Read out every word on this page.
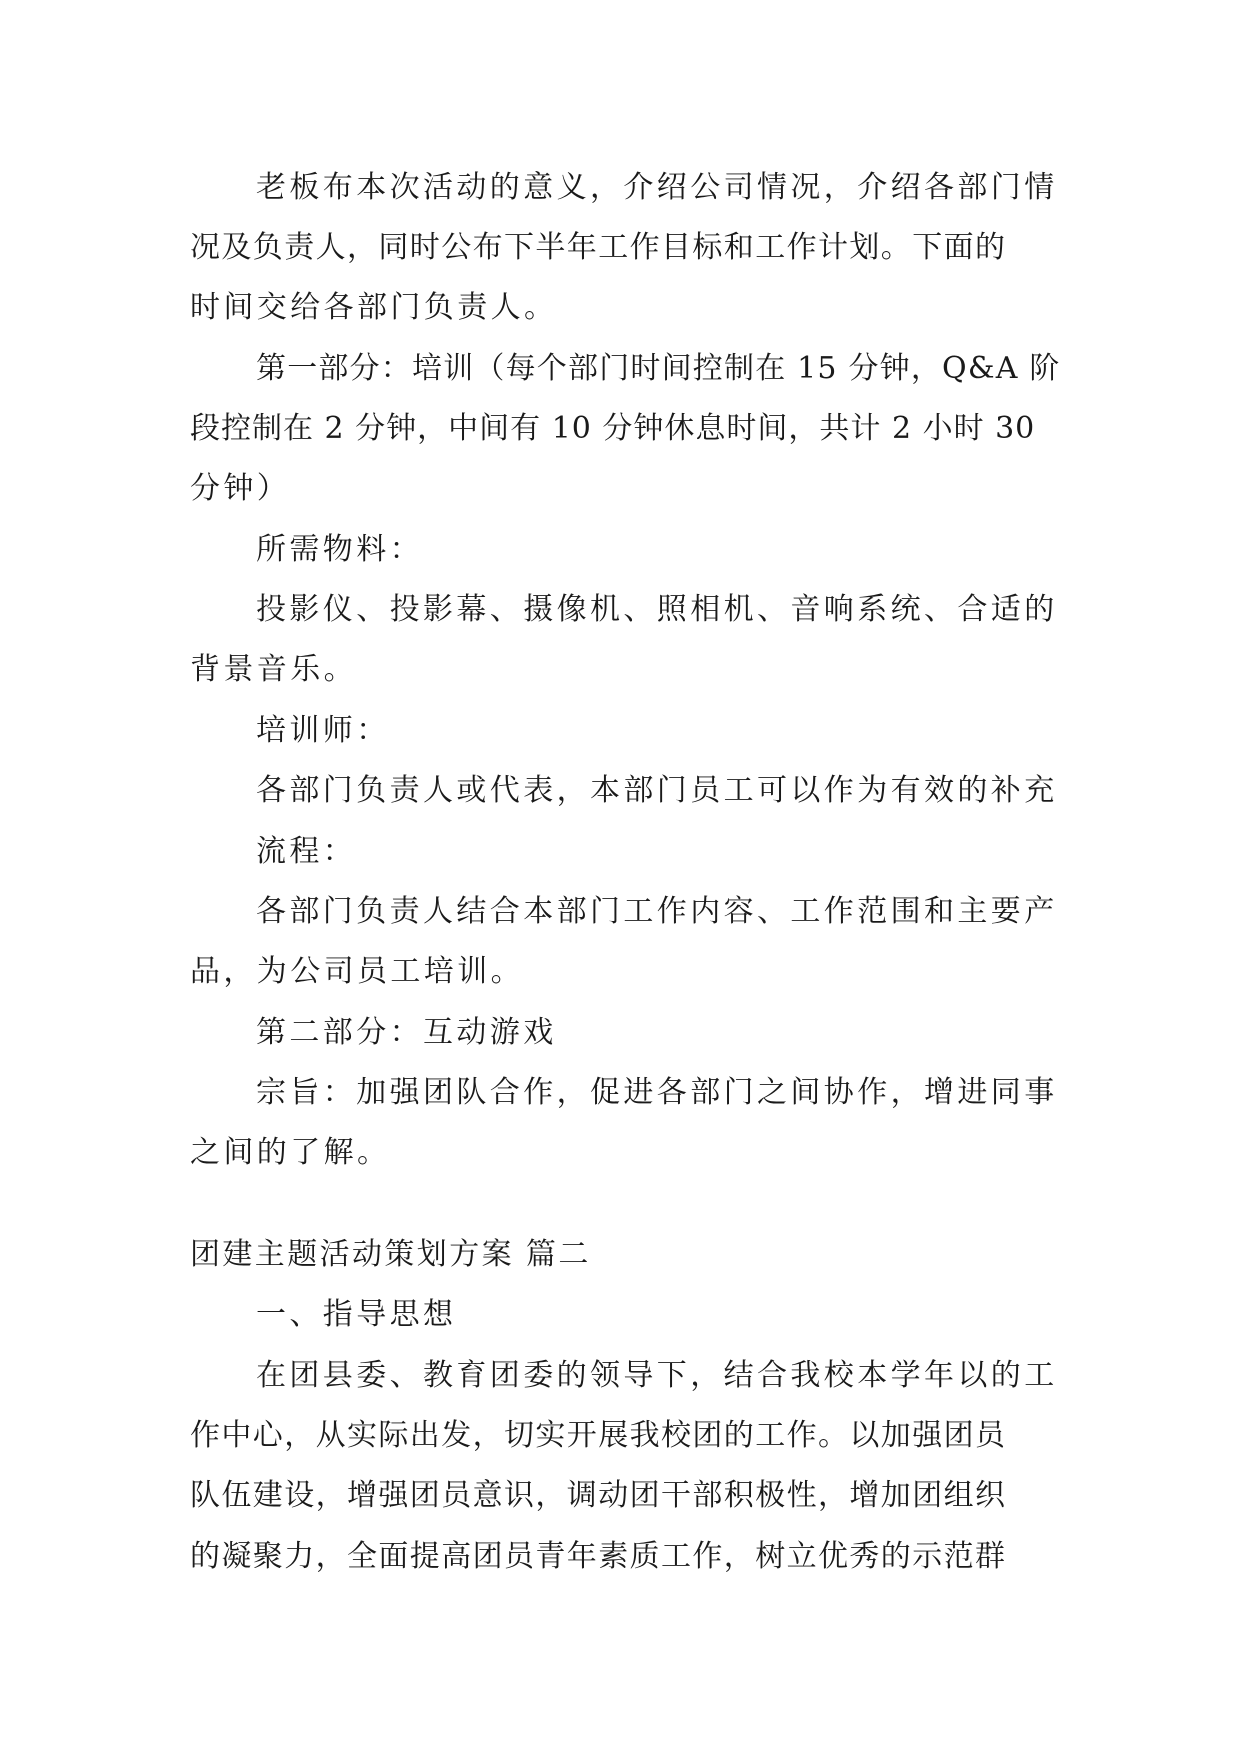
老板布本次活动的意义，介绍公司情况，介绍各部门情
况及负责人，同时公布下半年工作目标和工作计划。下面的
时间交给各部门负责人。
第一部分：培训（每个部门时间控制在 15 分钟，Q&A 阶
段控制在 2 分钟，中间有 10 分钟休息时间，共计 2 小时 30
分钟）
所需物料：
投影仪、投影幕、摄像机、照相机、音响系统、合适的
背景音乐。
培训师：
各部门负责人或代表，本部门员工可以作为有效的补充
流程：
各部门负责人结合本部门工作内容、工作范围和主要产
品，为公司员工培训。
第二部分：互动游戏
宗旨：加强团队合作，促进各部门之间协作，增进同事
之间的了解。
团建主题活动策划方案 篇二
一、指导思想
在团县委、教育团委的领导下，结合我校本学年以的工
作中心，从实际出发，切实开展我校团的工作。以加强团员
队伍建设，增强团员意识，调动团干部积极性，增加团组织
的凝聚力，全面提高团员青年素质工作，树立优秀的示范群
